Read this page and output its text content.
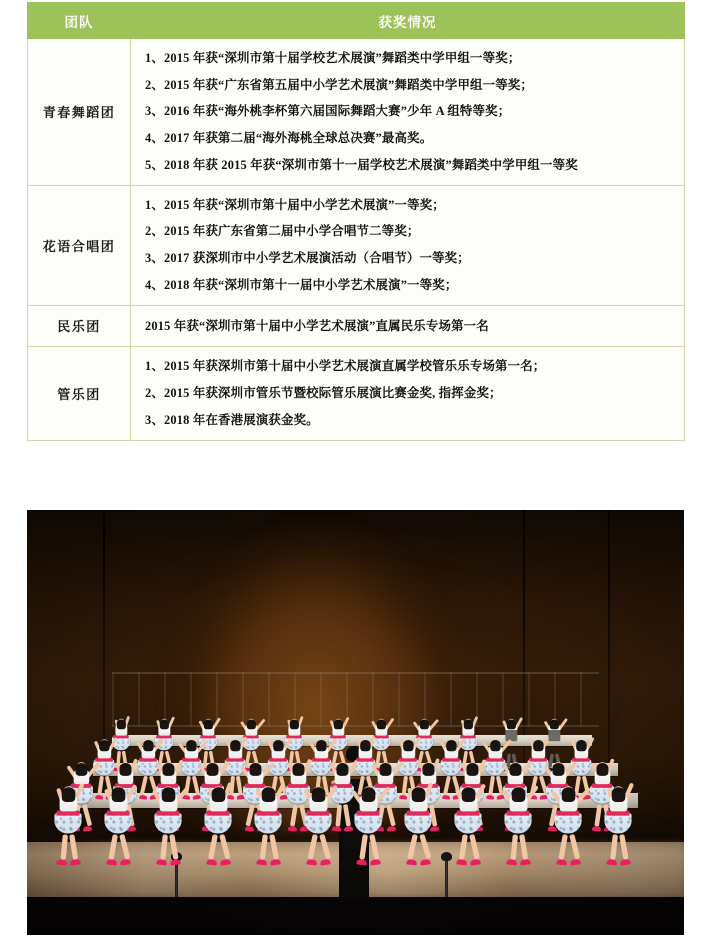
团队	获奖情况
青春舞蹈团	1、2015 年获“深圳市第十届学校艺术展演”舞蹈类中学甲组一等奖；
2、2015 年获“广东省第五届中小学艺术展演”舞蹈类中学甲组一等奖；
3、2016 年获“海外桃李杯第六届国际舞蹈大赛”少年 A 组特等奖；
4、2017 年获第二届“海外海桃全球总决赛”最高奖。
5、2018 年获 2015 年获“深圳市第十一届学校艺术展演”舞蹈类中学甲组一等奖

花语合唱团	1、2015 年获“深圳市第十届中小学艺术展演”一等奖；
2、2015 年获广东省第二届中小学合唱节二等奖；
3、2017 获深圳市中小学艺术展演活动（合唱节）一等奖；
4、2018 年获“深圳市第十一届中小学艺术展演”一等奖；

民乐团	2015 年获“深圳市第十届中小学艺术展演”直属民乐专场第一名

管乐团	1、2015 年获深圳市第十届中小学艺术展演直属学校管乐乐专场第一名；
2、2015 年获深圳市管乐节暨校际管乐展演比赛金奖, 指挥金奖；
3、2018 年在香港展演获金奖。
